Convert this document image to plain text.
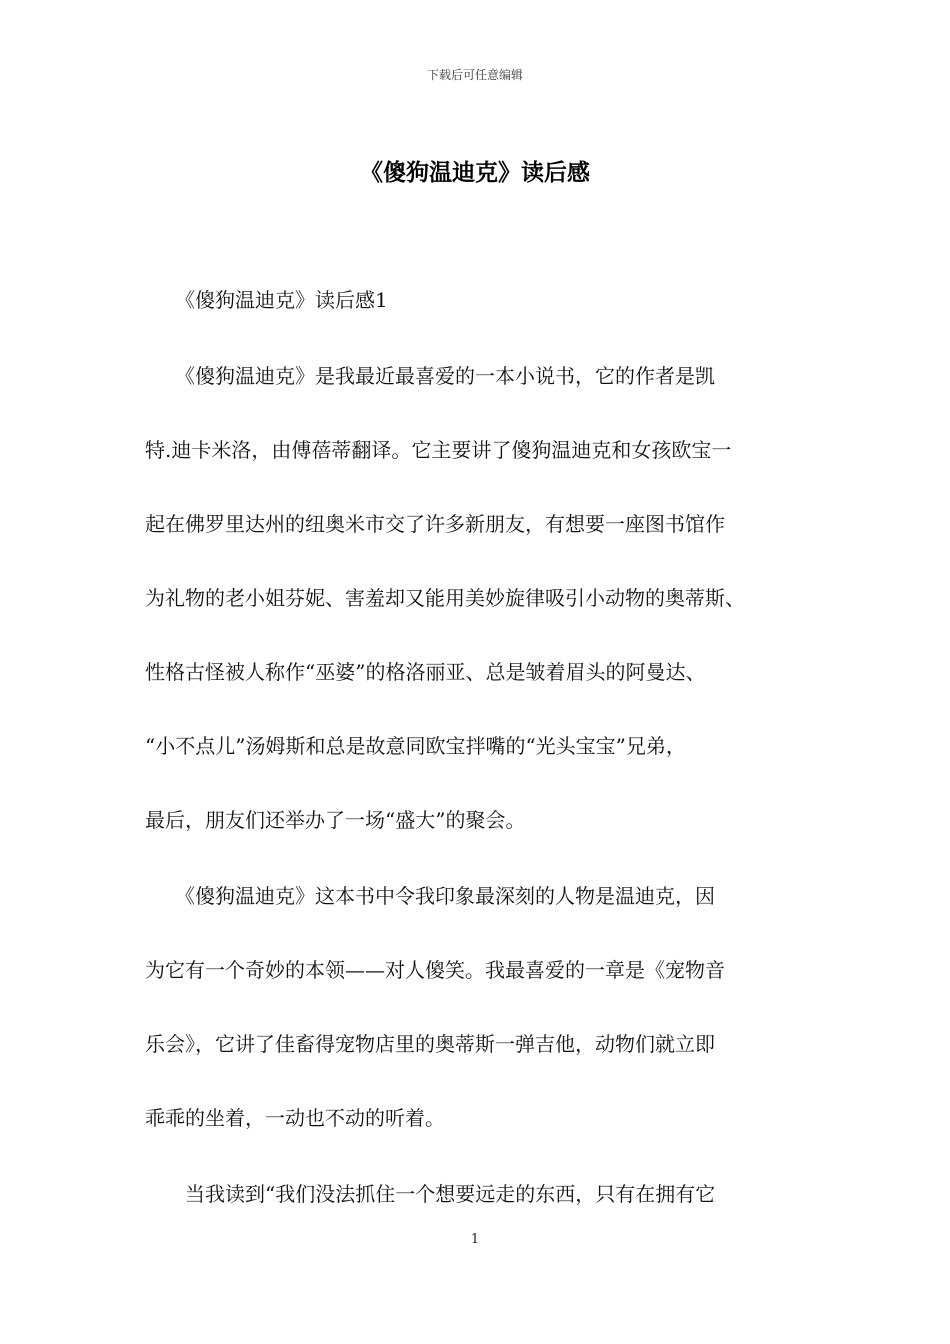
下载后可任意编辑
《傻狗温迪克》读后感
　　《傻狗温迪克》读后感1
　　《傻狗温迪克》是我最近最喜爱的一本小说书，它的作者是凯
特.迪卡米洛，由傅蓓蒂翻译。它主要讲了傻狗温迪克和女孩欧宝一
起在佛罗里达州的纽奥米市交了许多新朋友，有想要一座图书馆作
为礼物的老小姐芬妮、害羞却又能用美妙旋律吸引小动物的奥蒂斯、
性格古怪被人称作“巫婆”的格洛丽亚、总是皱着眉头的阿曼达、
“小不点儿”汤姆斯和总是故意同欧宝拌嘴的“光头宝宝”兄弟，
最后，朋友们还举办了一场“盛大”的聚会。
　　《傻狗温迪克》这本书中令我印象最深刻的人物是温迪克，因
为它有一个奇妙的本领——对人傻笑。我最喜爱的一章是《宠物音
乐会》，它讲了佳畜得宠物店里的奥蒂斯一弹吉他，动物们就立即
乖乖的坐着，一动也不动的听着。
　　当我读到“我们没法抓住一个想要远走的东西，只有在拥有它
1
